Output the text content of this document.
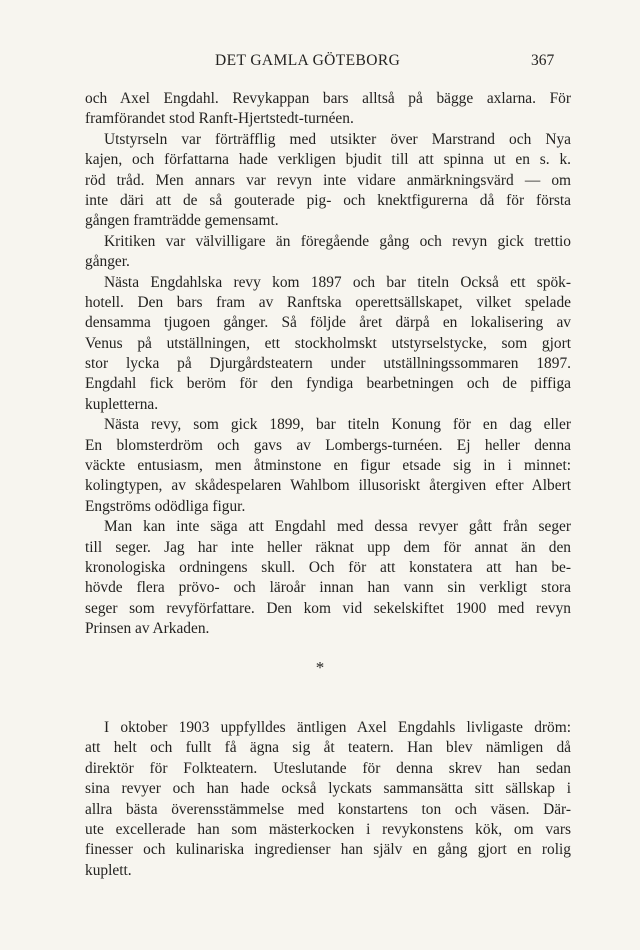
DET GAMLA GÖTEBORG	367
och Axel Engdahl. Revykappan bars alltså på bägge axlarna. För
framförandet stod Ranft-Hjertstedt-turnéen.
Utstyrseln var förträfflig med utsikter över Marstrand och Nya
kajen, och författarna hade verkligen bjudit till att spinna ut en s. k.
röd tråd. Men annars var revyn inte vidare anmärkningsvärd — om
inte däri att de så gouterade pig- och knektfigurerna då för första
gången framträdde gemensamt.
Kritiken var välvilligare än föregående gång och revyn gick trettio
gånger.
Nästa Engdahlska revy kom 1897 och bar titeln Också ett spök-
hotell. Den bars fram av Ranftska operettsällskapet, vilket spelade
densamma tjugoen gånger. Så följde året därpå en lokalisering av
Venus på utställningen, ett stockholmskt utstyrselstycke, som gjort
stor lycka på Djurgårdsteatern under utställningssommaren 1897.
Engdahl fick beröm för den fyndiga bearbetningen och de piffiga
kupletterna.
Nästa revy, som gick 1899, bar titeln Konung för en dag eller
En blomsterdröm och gavs av Lombergs-turnéen. Ej heller denna
väckte entusiasm, men åtminstone en figur etsade sig in i minnet:
kolingtypen, av skådespelaren Wahlbom illusoriskt återgiven efter Albert
Engströms odödliga figur.
Man kan inte säga att Engdahl med dessa revyer gått från seger
till seger. Jag har inte heller räknat upp dem för annat än den
kronologiska ordningens skull. Och för att konstatera att han be-
hövde flera prövo- och läroår innan han vann sin verkligt stora
seger som revyförfattare. Den kom vid sekelskiftet 1900 med revyn
Prinsen av Arkaden.
*
I oktober 1903 uppfylldes äntligen Axel Engdahls livligaste dröm:
att helt och fullt få ägna sig åt teatern. Han blev nämligen då
direktör för Folkteatern. Uteslutande för denna skrev han sedan
sina revyer och han hade också lyckats sammansätta sitt sällskap i
allra bästa överensstämmelse med konstartens ton och väsen. Där-
ute excellerade han som mästerkocken i revykonstens kök, om vars
finesser och kulinariska ingredienser han själv en gång gjort en rolig
kuplett.
